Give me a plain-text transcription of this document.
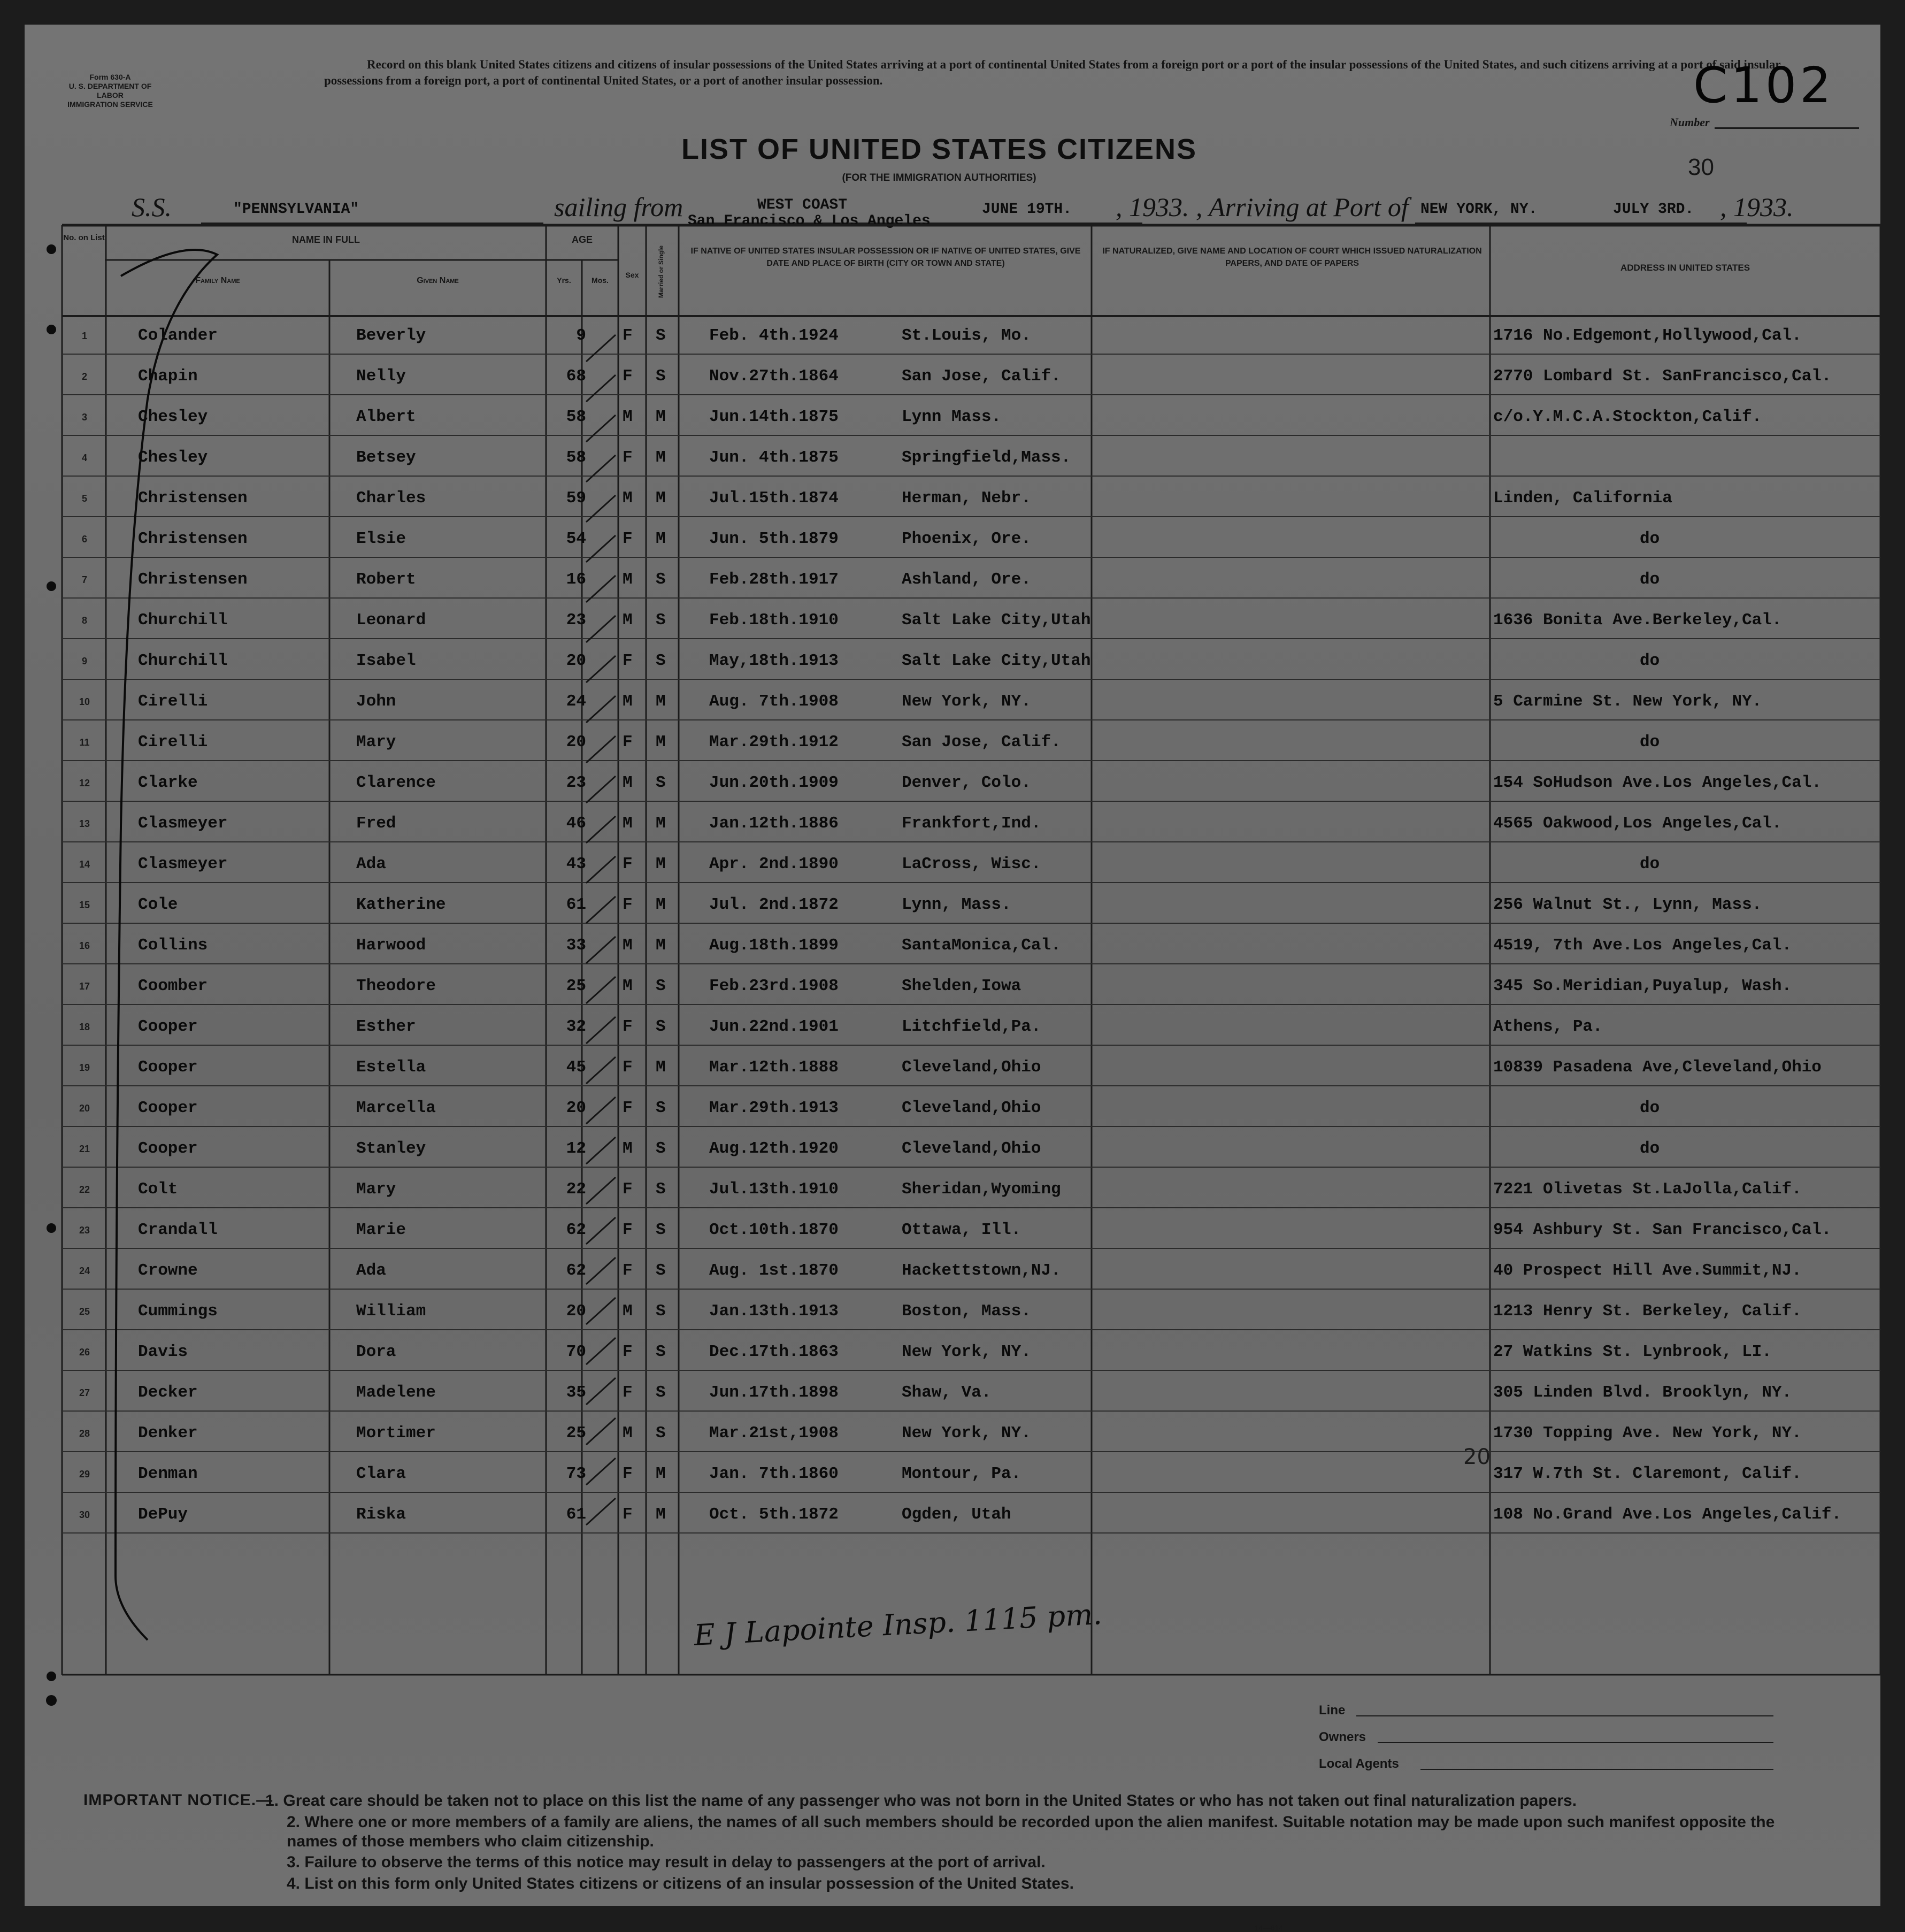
Form 630-A
U. S. DEPARTMENT OF LABOR
IMMIGRATION SERVICE
Record on this blank United States citizens and citizens of insular possessions of the United States arriving at a port of continental United States from a foreign port or a port of the insular possessions of the United States, and such citizens arriving at a port of said insular possessions from a foreign port, a port of continental United States, or a port of another insular possession.
LIST OF UNITED STATES CITIZENS
(FOR THE IMMIGRATION AUTHORITIES)
C102
Number
30
S.S.	"PENNSYLVANIA"	sailing from	WEST COAST
San Francisco & Los Angeles
JUNE 19TH. , 1933. , Arriving at Port of NEW YORK, NY.	JULY 3RD. , 1933.
No. on List	NAME IN FULL
Family Name	Given Name
AGE
Yrs.	Mos.
Sex	Married or Single	IF NATIVE OF UNITED STATES INSULAR POSSESSION OR IF NATIVE OF UNITED STATES, GIVE DATE AND PLACE OF BIRTH (CITY OR TOWN AND STATE)
IF NATURALIZED, GIVE NAME AND LOCATION OF COURT WHICH ISSUED NATURALIZATION PAPERS, AND DATE OF PAPERS	ADDRESS IN UNITED STATES
1	Colander	Beverly	9 F S	Feb. 4th.1924	St.Louis, Mo.	1716 No.Edgemont,Hollywood,Cal.
2	Chapin	Nelly	68 F S	Nov.27th.1864	San Jose, Calif.	2770 Lombard St. SanFrancisco,Cal.
3	Chesley	Albert	58 M M	Jun.14th.1875	Lynn Mass.	c/o.Y.M.C.A.Stockton,Calif.
4	Chesley	Betsey	58 F M	Jun. 4th.1875	Springfield,Mass.
5	Christensen	Charles	59 M M	Jul.15th.1874	Herman, Nebr.	Linden, California
6	Christensen	Elsie	54 F M	Jun. 5th.1879	Phoenix, Ore.	do
7	Christensen	Robert	16 M S	Feb.28th.1917	Ashland, Ore.	do
8	Churchill	Leonard	23 M S	Feb.18th.1910	Salt Lake City,Utah	1636 Bonita Ave.Berkeley,Cal.
9	Churchill	Isabel	20 F S	May,18th.1913	Salt Lake City,Utah	do
10	Cirelli	John	24 M M	Aug. 7th.1908	New York, NY.	5 Carmine St. New York, NY.
11	Cirelli	Mary	20 F M	Mar.29th.1912	San Jose, Calif.	do
12	Clarke	Clarence	23 M S	Jun.20th.1909	Denver, Colo.	154 SoHudson Ave.Los Angeles,Cal.
13	Clasmeyer	Fred	46 M M	Jan.12th.1886	Frankfort,Ind.	4565 Oakwood,Los Angeles,Cal.
14	Clasmeyer	Ada	43 F M	Apr. 2nd.1890	LaCross, Wisc.	do
15	Cole	Katherine	61 F M	Jul. 2nd.1872	Lynn, Mass.	256 Walnut St., Lynn, Mass.
16	Collins	Harwood	33 M M	Aug.18th.1899	SantaMonica,Cal.	4519, 7th Ave.Los Angeles,Cal.
17	Coomber	Theodore	25 M S	Feb.23rd.1908	Shelden,Iowa	345 So.Meridian,Puyalup, Wash.
18	Cooper	Esther	32 F S	Jun.22nd.1901	Litchfield,Pa.	Athens, Pa.
19	Cooper	Estella	45 F M	Mar.12th.1888	Cleveland,Ohio	10839 Pasadena Ave,Cleveland,Ohio
20	Cooper	Marcella	20 F S	Mar.29th.1913	Cleveland,Ohio	do
21	Cooper	Stanley	12 M S	Aug.12th.1920	Cleveland,Ohio	do
22	Colt	Mary	22 F S	Jul.13th.1910	Sheridan,Wyoming	7221 Olivetas St.LaJolla,Calif.
23	Crandall	Marie	62 F S	Oct.10th.1870	Ottawa, Ill.	954 Ashbury St. San Francisco,Cal.
24	Crowne	Ada	62 F S	Aug. 1st.1870	Hackettstown,NJ.	40 Prospect Hill Ave.Summit,NJ.
25	Cummings	William	20 M S	Jan.13th.1913	Boston, Mass.	1213 Henry St. Berkeley, Calif.
26	Davis	Dora	70 F S	Dec.17th.1863	New York, NY.	27 Watkins St. Lynbrook, LI.
27	Decker	Madelene	35 F S	Jun.17th.1898	Shaw, Va.	305 Linden Blvd. Brooklyn, NY.
28	Denker	Mortimer	25 M S	Mar.21st,1908	New York, NY.	1730 Topping Ave. New York, NY.
29	Denman	Clara	73 F M	Jan. 7th.1860	Montour, Pa.	317 W.7th St. Claremont, Calif.
30	DePuy	Riska	61 F M	Oct. 5th.1872	Ogden, Utah	108 No.Grand Ave.Los Angeles,Calif.
E J Lapointe Insp. 1115 pm.
20
Line
Owners
Local Agents
IMPORTANT NOTICE.—
1. Great care should be taken not to place on this list the name of any passenger who was not born in the United States or who has not taken out final naturalization papers.
2. Where one or more members of a family are aliens, the names of all such members should be recorded upon the alien manifest. Suitable notation may be made upon such manifest opposite the names of those members who claim citizenship.
3. Failure to observe the terms of this notice may result in delay to passengers at the port of arrival.
4. List on this form only United States citizens or citizens of an insular possession of the United States.
14—614
